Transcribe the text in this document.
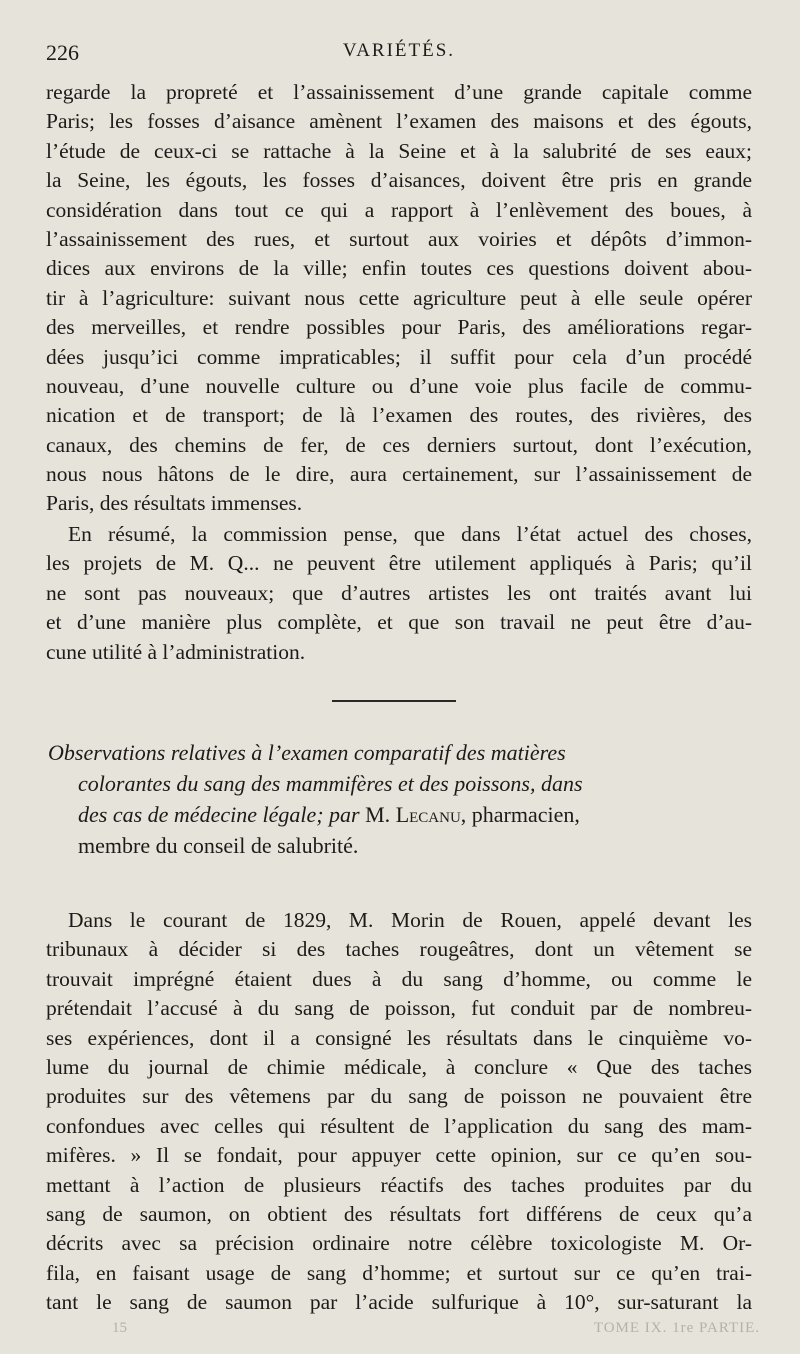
226	VARIÉTÉS.
regarde la propreté et l’assainissement d’une grande capitale comme
Paris; les fosses d’aisance amènent l’examen des maisons et des égouts,
l’étude de ceux-ci se rattache à la Seine et à la salubrité de ses eaux;
la Seine, les égouts, les fosses d’aisances, doivent être pris en grande
considération dans tout ce qui a rapport à l’enlèvement des boues, à
l’assainissement des rues, et surtout aux voiries et dépôts d’immon-
dices aux environs de la ville; enfin toutes ces questions doivent abou-
tir à l’agriculture: suivant nous cette agriculture peut à elle seule opérer
des merveilles, et rendre possibles pour Paris, des améliorations regar-
dées jusqu’ici comme impraticables; il suffit pour cela d’un procédé
nouveau, d’une nouvelle culture ou d’une voie plus facile de commu-
nication et de transport; de là l’examen des routes, des rivières, des
canaux, des chemins de fer, de ces derniers surtout, dont l’exécution,
nous nous hâtons de le dire, aura certainement, sur l’assainissement de
Paris, des résultats immenses.
En résumé, la commission pense, que dans l’état actuel des choses,
les projets de M. Q... ne peuvent être utilement appliqués à Paris; qu’il
ne sont pas nouveaux; que d’autres artistes les ont traités avant lui
et d’une manière plus complète, et que son travail ne peut être d’au-
cune utilité à l’administration.
Observations relatives à l’examen comparatif des matières
colorantes du sang des mammifères et des poissons, dans
des cas de médecine légale; par M. Lecanu, pharmacien,
membre du conseil de salubrité.
Dans le courant de 1829, M. Morin de Rouen, appelé devant les
tribunaux à décider si des taches rougeâtres, dont un vêtement se
trouvait imprégné étaient dues à du sang d’homme, ou comme le
prétendait l’accusé à du sang de poisson, fut conduit par de nombreu-
ses expériences, dont il a consigné les résultats dans le cinquième vo-
lume du journal de chimie médicale, à conclure « Que des taches
produites sur des vêtemens par du sang de poisson ne pouvaient être
confondues avec celles qui résultent de l’application du sang des mam-
mifères. » Il se fondait, pour appuyer cette opinion, sur ce qu’en sou-
mettant à l’action de plusieurs réactifs des taches produites par du
sang de saumon, on obtient des résultats fort différens de ceux qu’a
décrits avec sa précision ordinaire notre célèbre toxicologiste M. Or-
fila, en faisant usage de sang d’homme; et surtout sur ce qu’en trai-
tant le sang de saumon par l’acide sulfurique à 10°, sur-saturant la
15	TOME IX. 1re PARTIE.
